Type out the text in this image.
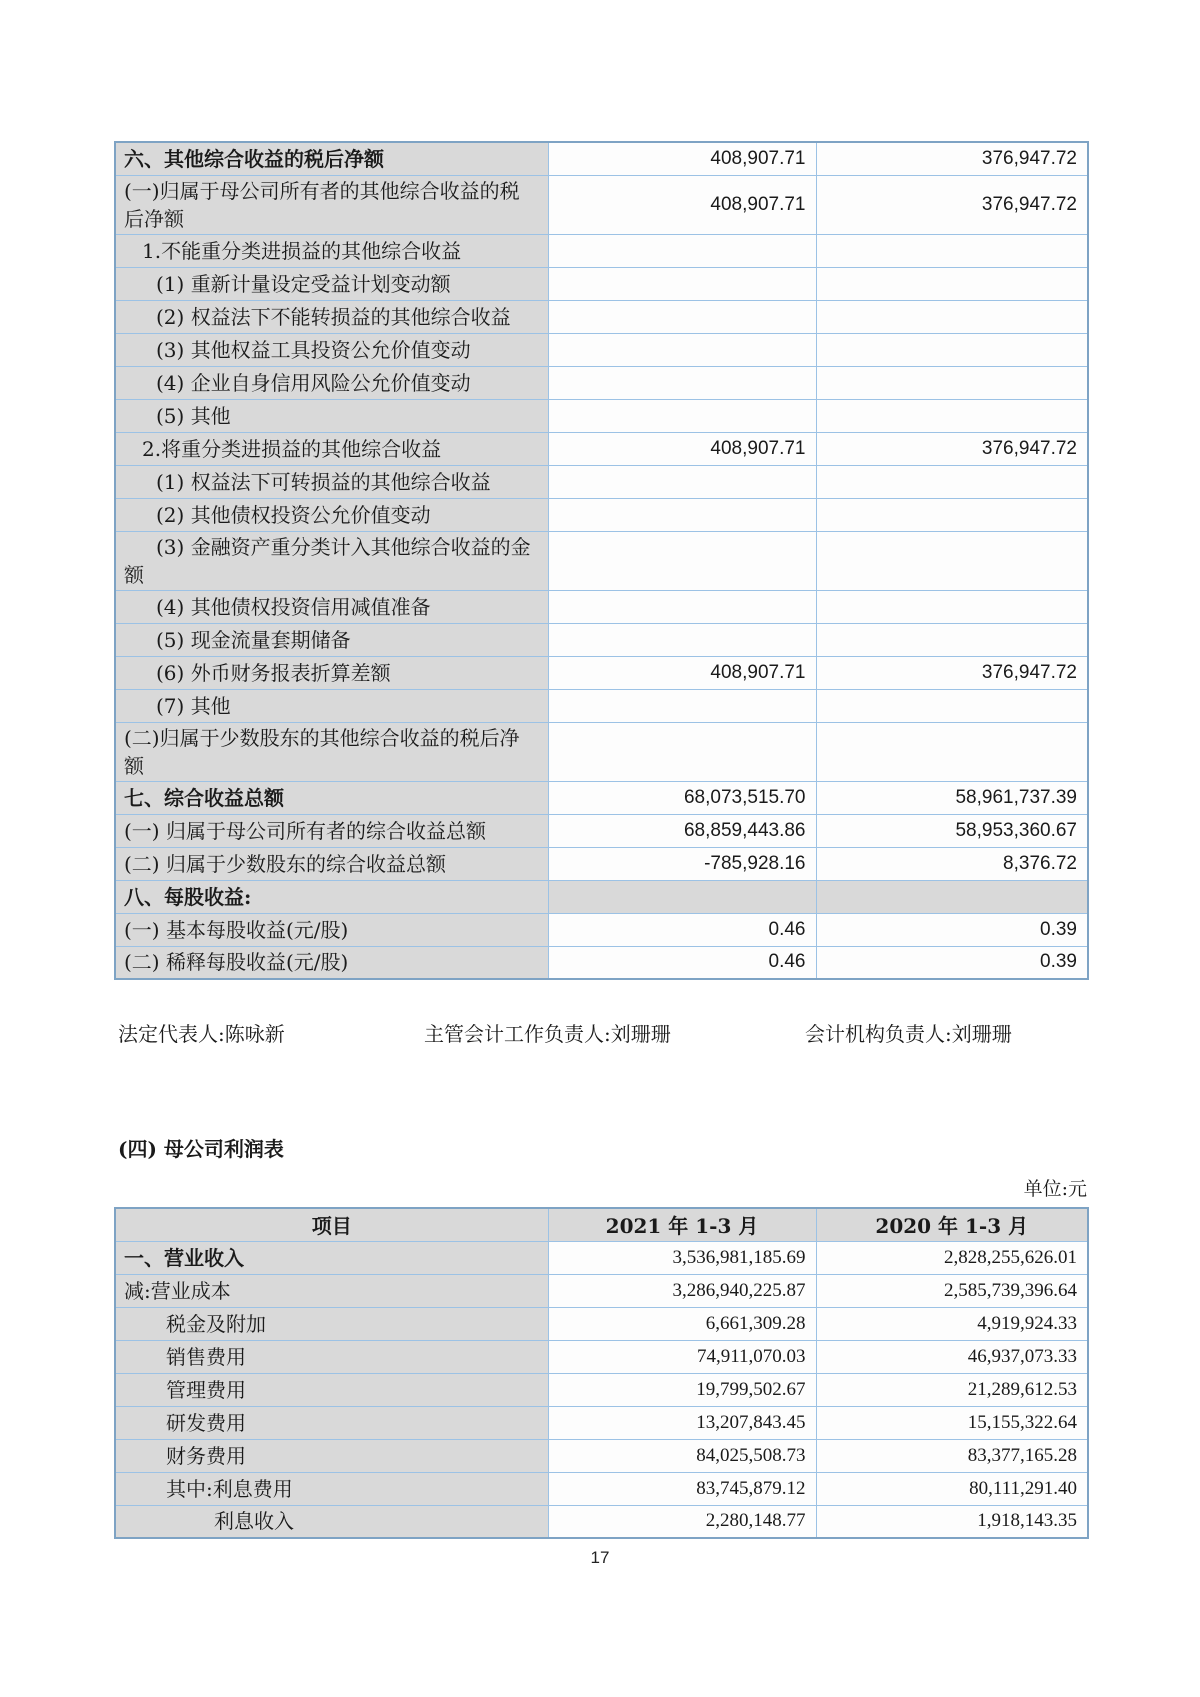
六、其他综合收益的税后净额	408,907.71	376,947.72
(一)归属于母公司所有者的其他综合收益的税后净额	408,907.71	376,947.72
1.不能重分类进损益的其他综合收益		
(1) 重新计量设定受益计划变动额		
(2) 权益法下不能转损益的其他综合收益		
(3) 其他权益工具投资公允价值变动		
(4) 企业自身信用风险公允价值变动		
(5) 其他		
2.将重分类进损益的其他综合收益	408,907.71	376,947.72
(1) 权益法下可转损益的其他综合收益		
(2) 其他债权投资公允价值变动		
(3) 金融资产重分类计入其他综合收益的金额		
(4) 其他债权投资信用减值准备		
(5) 现金流量套期储备		
(6) 外币财务报表折算差额	408,907.71	376,947.72
(7) 其他		
(二)归属于少数股东的其他综合收益的税后净额		
七、综合收益总额	68,073,515.70	58,961,737.39
(一) 归属于母公司所有者的综合收益总额	68,859,443.86	58,953,360.67
(二) 归属于少数股东的综合收益总额	-785,928.16	8,376.72
八、每股收益:		
(一) 基本每股收益(元/股)	0.46	0.39
(二) 稀释每股收益(元/股)	0.46	0.39
法定代表人:陈咏新	主管会计工作负责人:刘珊珊	会计机构负责人:刘珊珊
(四) 母公司利润表
单位:元
项目	2021 年 1-3 月	2020 年 1-3 月
一、营业收入	3,536,981,185.69	2,828,255,626.01
减:营业成本	3,286,940,225.87	2,585,739,396.64
税金及附加	6,661,309.28	4,919,924.33
销售费用	74,911,070.03	46,937,073.33
管理费用	19,799,502.67	21,289,612.53
研发费用	13,207,843.45	15,155,322.64
财务费用	84,025,508.73	83,377,165.28
其中:利息费用	83,745,879.12	80,111,291.40
利息收入	2,280,148.77	1,918,143.35
17
